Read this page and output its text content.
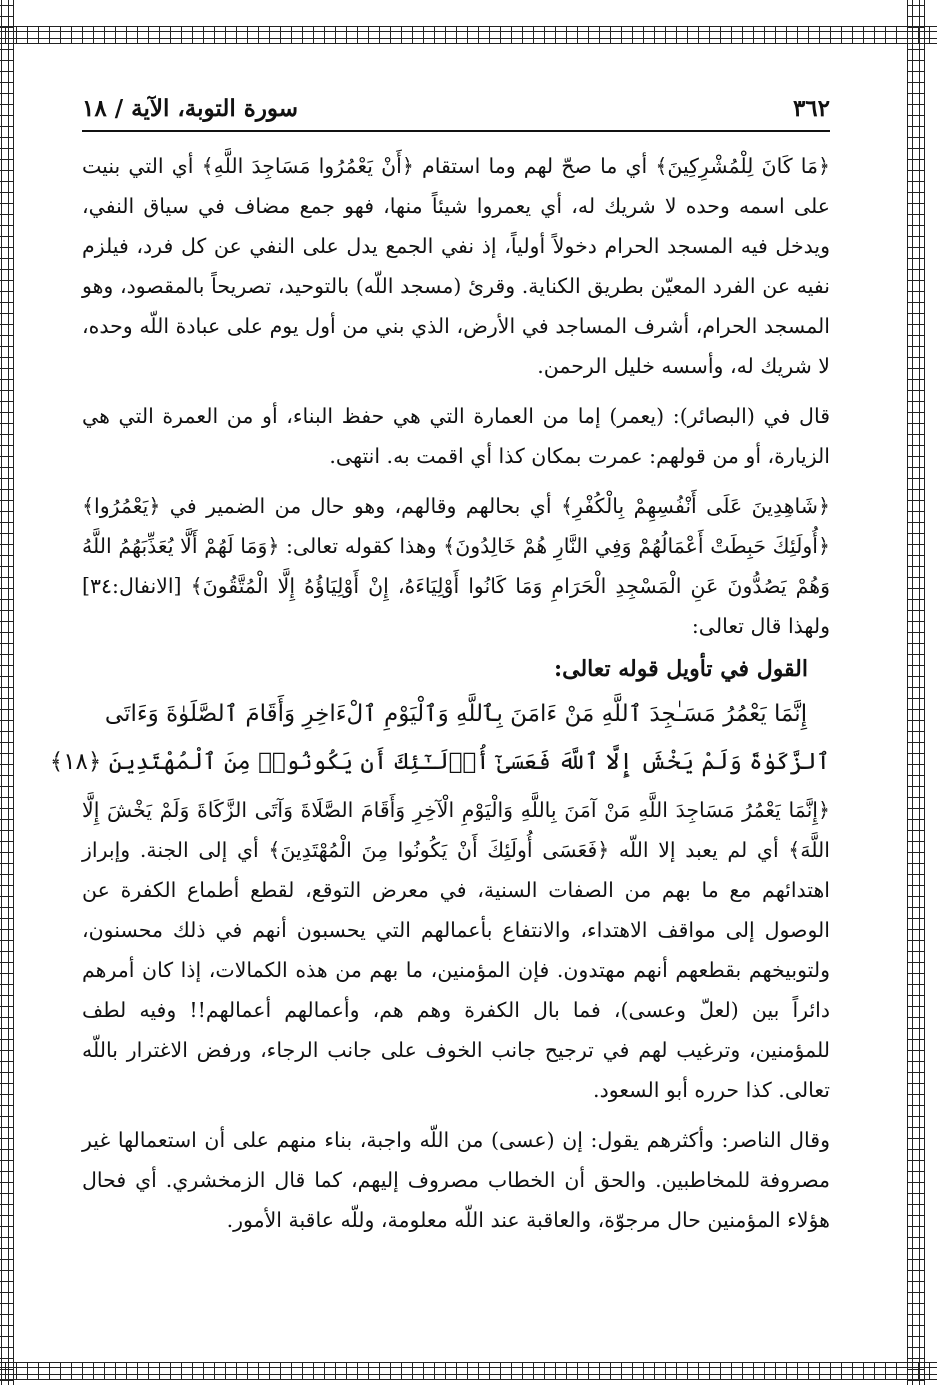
٣٦٢
سورة التوبة، الآية / ١٨

﴿مَا كَانَ لِلْمُشْرِكِينَ﴾ أي ما صحّ لهم وما استقام ﴿أَنْ يَعْمُرُوا مَسَاجِدَ اللَّهِ﴾ أي التي بنيت على اسمه وحده لا شريك له، أي يعمروا شيئاً منها، فهو جمع مضاف في سياق النفي، ويدخل فيه المسجد الحرام دخولاً أولياً، إذ نفي الجمع يدل على النفي عن كل فرد، فيلزم نفيه عن الفرد المعيّن بطريق الكناية. وقرئ (مسجد اللّه) بالتوحيد، تصريحاً بالمقصود، وهو المسجد الحرام، أشرف المساجد في الأرض، الذي بني من أول يوم على عبادة اللّه وحده، لا شريك له، وأسسه خليل الرحمن.

قال في (البصائر): (يعمر) إما من العمارة التي هي حفظ البناء، أو من العمرة التي هي الزيارة، أو من قولهم: عمرت بمكان كذا أي اقمت به. انتهى.

﴿شَاهِدِينَ عَلَى أَنْفُسِهِمْ بِالْكُفْرِ﴾ أي بحالهم وقالهم، وهو حال من الضمير في ﴿يَعْمُرُوا﴾ ﴿أُولَئِكَ حَبِطَتْ أَعْمَالُهُمْ وَفِي النَّارِ هُمْ خَالِدُونَ﴾ وهذا كقوله تعالى: ﴿وَمَا لَهُمْ أَلَّا يُعَذِّبَهُمُ اللَّهُ وَهُمْ يَصُدُّونَ عَنِ الْمَسْجِدِ الْحَرَامِ وَمَا كَانُوا أَوْلِيَاءَهُ، إِنْ أَوْلِيَاؤُهُ إِلَّا الْمُتَّقُونَ﴾ [الانفال:٣٤] ولهذا قال تعالى:

القول في تأويل قوله تعالى:

إِنَّمَا يَعْمُرُ مَسَـٰجِدَ ٱللَّهِ مَنْ ءَامَنَ بِٱللَّهِ وَٱلْيَوْمِ ٱلْءَاخِرِ وَأَقَامَ ٱلصَّلَوٰةَ وَءَاتَى
ٱلزَّكَوٰةَ وَلَمْ يَخْشَ إِلَّا ٱللَّهَ فَعَسَىٰٓ أُو۟لَـٰٓئِكَ أَن يَكُونُوا۟ مِنَ ٱلْمُهْتَدِينَ ﴿١٨﴾

﴿إِنَّمَا يَعْمُرُ مَسَاجِدَ اللَّهِ مَنْ آمَنَ بِاللَّهِ وَالْيَوْمِ الْآخِرِ وَأَقَامَ الصَّلَاةَ وَآتَى الزَّكَاةَ وَلَمْ يَخْشَ إِلَّا اللَّهَ﴾ أي لم يعبد إلا اللّه ﴿فَعَسَى أُولَئِكَ أَنْ يَكُونُوا مِنَ الْمُهْتَدِينَ﴾ أي إلى الجنة. وإبراز اهتدائهم مع ما بهم من الصفات السنية، في معرض التوقع، لقطع أطماع الكفرة عن الوصول إلى مواقف الاهتداء، والانتفاع بأعمالهم التي يحسبون أنهم في ذلك محسنون، ولتوبيخهم بقطعهم أنهم مهتدون. فإن المؤمنين، ما بهم من هذه الكمالات، إذا كان أمرهم دائراً بين (لعلّ وعسى)، فما بال الكفرة وهم هم، وأعمالهم أعمالهم!! وفيه لطف للمؤمنين، وترغيب لهم في ترجيح جانب الخوف على جانب الرجاء، ورفض الاغترار باللّه تعالى. كذا حرره أبو السعود.

وقال الناصر: وأكثرهم يقول: إن (عسى) من اللّه واجبة، بناء منهم على أن استعمالها غير مصروفة للمخاطبين. والحق أن الخطاب مصروف إليهم، كما قال الزمخشري. أي فحال هؤلاء المؤمنين حال مرجوّة، والعاقبة عند اللّه معلومة، وللّه عاقبة الأمور.
